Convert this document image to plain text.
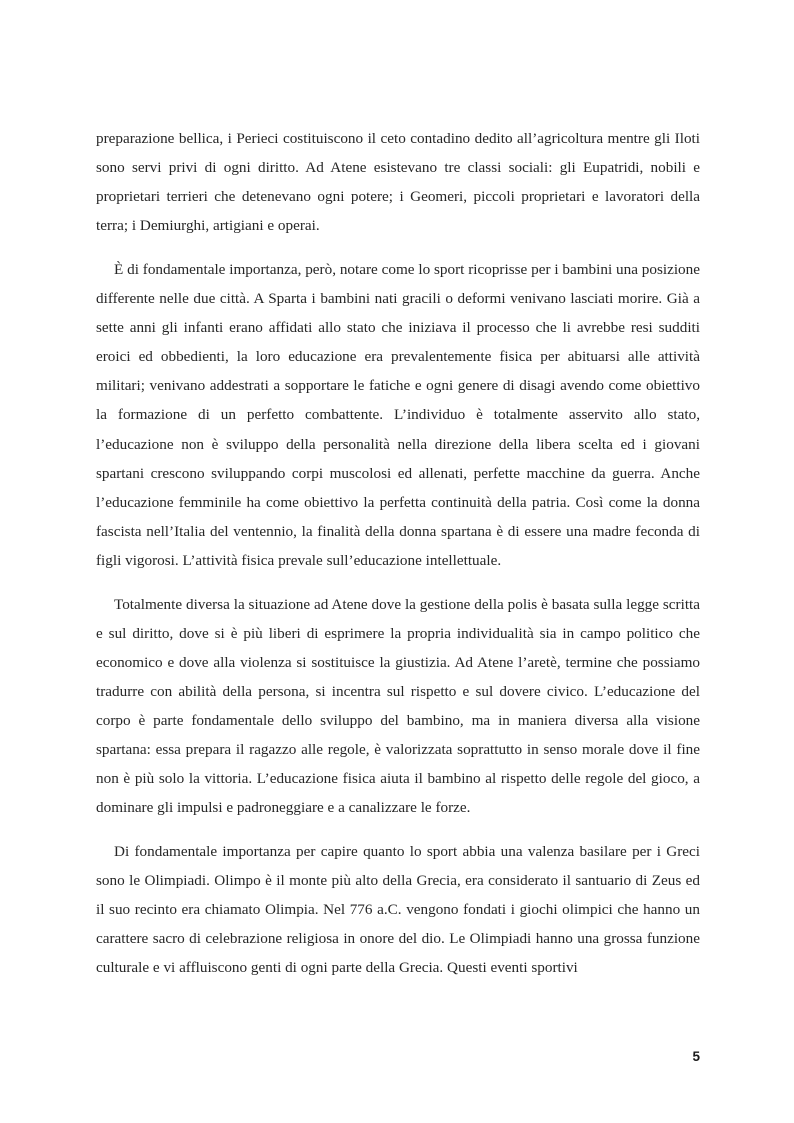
preparazione bellica, i Perieci costituiscono il ceto contadino dedito all’agricoltura mentre gli Iloti sono servi privi di ogni diritto. Ad Atene esistevano tre classi sociali: gli Eupatridi, nobili e proprietari terrieri che detenevano ogni potere; i Geomeri, piccoli proprietari e lavoratori della terra; i Demiurghi, artigiani e operai.

È di fondamentale importanza, però, notare come lo sport ricoprisse per i bambini una posizione differente nelle due città. A Sparta i bambini nati gracili o deformi venivano lasciati morire. Già a sette anni gli infanti erano affidati allo stato che iniziava il processo che li avrebbe resi sudditi eroici ed obbedienti, la loro educazione era prevalentemente fisica per abituarsi alle attività militari; venivano addestrati a sopportare le fatiche e ogni genere di disagi avendo come obiettivo la formazione di un perfetto combattente. L’individuo è totalmente asservito allo stato, l’educazione non è sviluppo della personalità nella direzione della libera scelta ed i giovani spartani crescono sviluppando corpi muscolosi ed allenati, perfette macchine da guerra. Anche l’educazione femminile ha come obiettivo la perfetta continuità della patria. Così come la donna fascista nell’Italia del ventennio, la finalità della donna spartana è di essere una madre feconda di figli vigorosi. L’attività fisica prevale sull’educazione intellettuale.

Totalmente diversa la situazione ad Atene dove la gestione della polis è basata sulla legge scritta e sul diritto, dove si è più liberi di esprimere la propria individualità sia in campo politico che economico e dove alla violenza si sostituisce la giustizia. Ad Atene l’aretè, termine che possiamo tradurre con abilità della persona, si incentra sul rispetto e sul dovere civico. L’educazione del corpo è parte fondamentale dello sviluppo del bambino, ma in maniera diversa alla visione spartana: essa prepara il ragazzo alle regole, è valorizzata soprattutto in senso morale dove il fine non è più solo la vittoria. L’educazione fisica aiuta il bambino al rispetto delle regole del gioco, a dominare gli impulsi e padroneggiare e a canalizzare le forze.

Di fondamentale importanza per capire quanto lo sport abbia una valenza basilare per i Greci sono le Olimpiadi. Olimpo è il monte più alto della Grecia, era considerato il santuario di Zeus ed il suo recinto era chiamato Olimpia. Nel 776 a.C. vengono fondati i giochi olimpici che hanno un carattere sacro di celebrazione religiosa in onore del dio. Le Olimpiadi hanno una grossa funzione culturale e vi affluiscono genti di ogni parte della Grecia. Questi eventi sportivi

5
